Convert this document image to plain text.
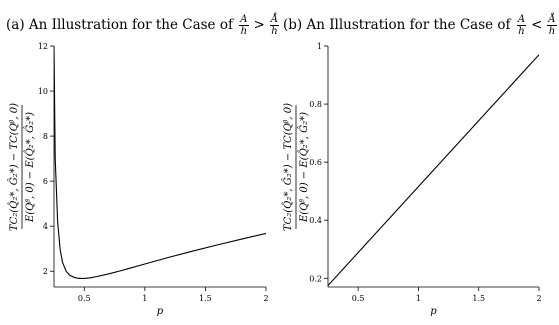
(a) An Illustration for the Case of $\frac{A}{h} > \frac{Å}{h} (b)$ An Illustration for the Case of $\frac{A}{h} < \frac{Å}{h}$
0.5	1	1.5	2
2
4
6
8
10
12
p
TC₂(Q̂₂*, Ĝ₂*) − TC(Qᵝ, 0) E(Qᵝ, 0) − E(Q̂₂*, Ĝ₂*)
0.5	1	1.5	2
0.2
0.4
0.6
0.8
1
p
TC₂(Q̂₂*, Ĝ₂*) − TC(Qᵝ, 0) E(Qᵝ, 0) − E(Q̂₂*, Ĝ₂*)
